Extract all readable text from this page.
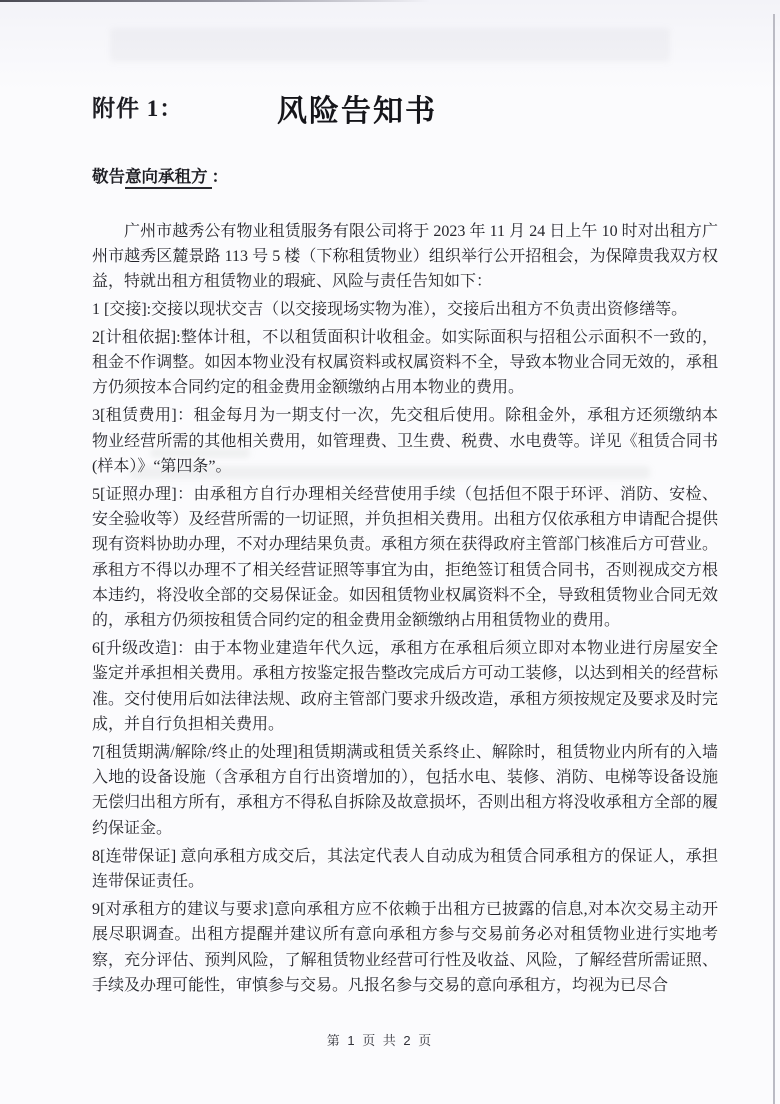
附件 1：	风险告知书

敬告意向承租方 ：

广州市越秀公有物业租赁服务有限公司将于 2023 年 11 月 24 日上午 10 时对出租方广州市越秀区麓景路 113 号 5 楼（下称租赁物业）组织举行公开招租会，为保障贵我双方权益，特就出租方租赁物业的瑕疵、风险与责任告知如下：

1 [交接]:交接以现状交吉（以交接现场实物为准），交接后出租方不负责出资修缮等。

2[计租依据]:整体计租，不以租赁面积计收租金。如实际面积与招租公示面积不一致的，租金不作调整。如因本物业没有权属资料或权属资料不全，导致本物业合同无效的，承租方仍须按本合同约定的租金费用金额缴纳占用本物业的费用。

3[租赁费用]：租金每月为一期支付一次，先交租后使用。除租金外，承租方还须缴纳本物业经营所需的其他相关费用，如管理费、卫生费、税费、水电费等。详见《租赁合同书(样本）》“第四条”。

5[证照办理]：由承租方自行办理相关经营使用手续（包括但不限于环评、消防、安检、安全验收等）及经营所需的一切证照，并负担相关费用。出租方仅依承租方申请配合提供现有资料协助办理，不对办理结果负责。承租方须在获得政府主管部门核准后方可营业。承租方不得以办理不了相关经营证照等事宜为由，拒绝签订租赁合同书，否则视成交方根本违约，将没收全部的交易保证金。如因租赁物业权属资料不全，导致租赁物业合同无效的，承租方仍须按租赁合同约定的租金费用金额缴纳占用租赁物业的费用。

6[升级改造]：由于本物业建造年代久远，承租方在承租后须立即对本物业进行房屋安全鉴定并承担相关费用。承租方按鉴定报告整改完成后方可动工装修，以达到相关的经营标准。交付使用后如法律法规、政府主管部门要求升级改造，承租方须按规定及要求及时完成，并自行负担相关费用。

7[租赁期满/解除/终止的处理]租赁期满或租赁关系终止、解除时，租赁物业内所有的入墙入地的设备设施（含承租方自行出资增加的），包括水电、装修、消防、电梯等设备设施无偿归出租方所有，承租方不得私自拆除及故意损坏，否则出租方将没收承租方全部的履约保证金。

8[连带保证] 意向承租方成交后，其法定代表人自动成为租赁合同承租方的保证人，承担连带保证责任。

9[对承租方的建议与要求]意向承租方应不依赖于出租方已披露的信息,对本次交易主动开展尽职调查。出租方提醒并建议所有意向承租方参与交易前务必对租赁物业进行实地考察，充分评估、预判风险，了解租赁物业经营可行性及收益、风险，了解经营所需证照、手续及办理可能性，审慎参与交易。凡报名参与交易的意向承租方，均视为已尽合

第 1 页 共 2 页
